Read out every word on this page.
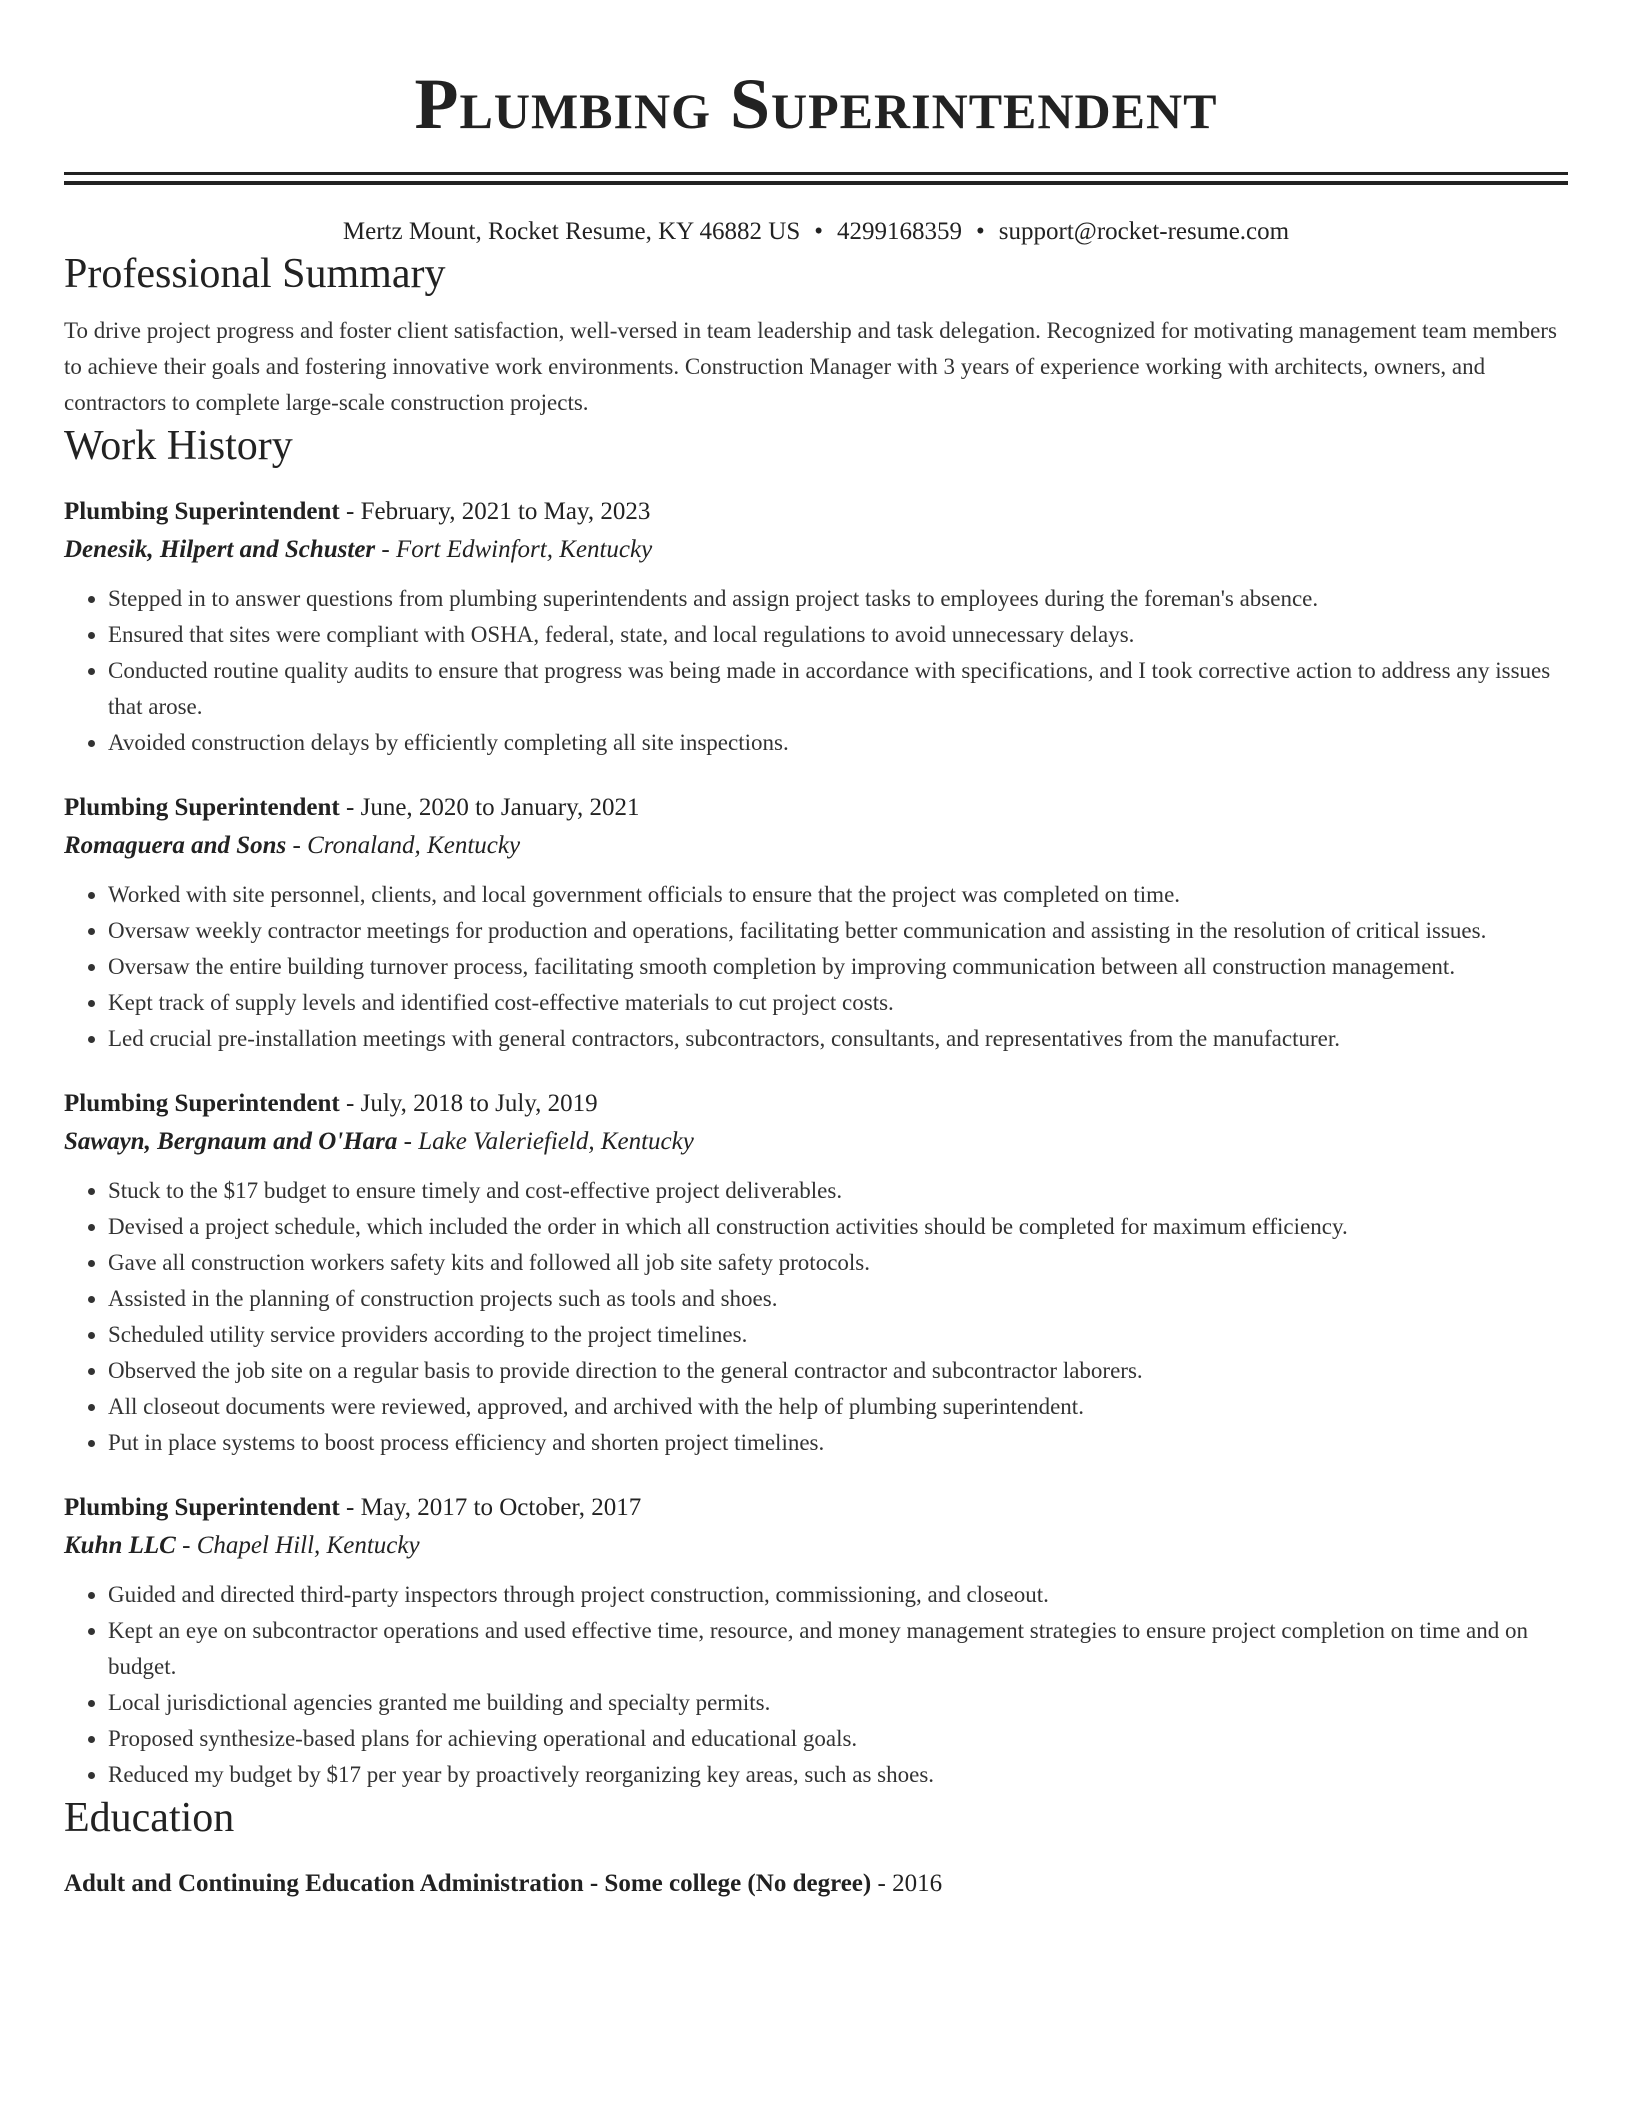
Plumbing Superintendent
Mertz Mount, Rocket Resume, KY 46882 US • 4299168359 • support@rocket-resume.com
Professional Summary

To drive project progress and foster client satisfaction, well-versed in team leadership and task delegation. Recognized for motivating management team members to achieve their goals and fostering innovative work environments. Construction Manager with 3 years of experience working with architects, owners, and contractors to complete large-scale construction projects.

Work History
Plumbing Superintendent - February, 2021 to May, 2023
Denesik, Hilpert and Schuster - Fort Edwinfort, Kentucky
• Stepped in to answer questions from plumbing superintendents and assign project tasks to employees during the foreman's absence.
• Ensured that sites were compliant with OSHA, federal, state, and local regulations to avoid unnecessary delays.
• Conducted routine quality audits to ensure that progress was being made in accordance with specifications, and I took corrective action to address any issues that arose.
• Avoided construction delays by efficiently completing all site inspections.
Plumbing Superintendent - June, 2020 to January, 2021
Romaguera and Sons - Cronaland, Kentucky
• Worked with site personnel, clients, and local government officials to ensure that the project was completed on time.
• Oversaw weekly contractor meetings for production and operations, facilitating better communication and assisting in the resolution of critical issues.
• Oversaw the entire building turnover process, facilitating smooth completion by improving communication between all construction management.
• Kept track of supply levels and identified cost-effective materials to cut project costs.
• Led crucial pre-installation meetings with general contractors, subcontractors, consultants, and representatives from the manufacturer.
Plumbing Superintendent - July, 2018 to July, 2019
Sawayn, Bergnaum and O'Hara - Lake Valeriefield, Kentucky
• Stuck to the $17 budget to ensure timely and cost-effective project deliverables.
• Devised a project schedule, which included the order in which all construction activities should be completed for maximum efficiency.
• Gave all construction workers safety kits and followed all job site safety protocols.
• Assisted in the planning of construction projects such as tools and shoes.
• Scheduled utility service providers according to the project timelines.
• Observed the job site on a regular basis to provide direction to the general contractor and subcontractor laborers.
• All closeout documents were reviewed, approved, and archived with the help of plumbing superintendent.
• Put in place systems to boost process efficiency and shorten project timelines.
Plumbing Superintendent - May, 2017 to October, 2017
Kuhn LLC - Chapel Hill, Kentucky
• Guided and directed third-party inspectors through project construction, commissioning, and closeout.
• Kept an eye on subcontractor operations and used effective time, resource, and money management strategies to ensure project completion on time and on budget.
• Local jurisdictional agencies granted me building and specialty permits.
• Proposed synthesize-based plans for achieving operational and educational goals.
• Reduced my budget by $17 per year by proactively reorganizing key areas, such as shoes.
Education
Adult and Continuing Education Administration - Some college (No degree) - 2016
